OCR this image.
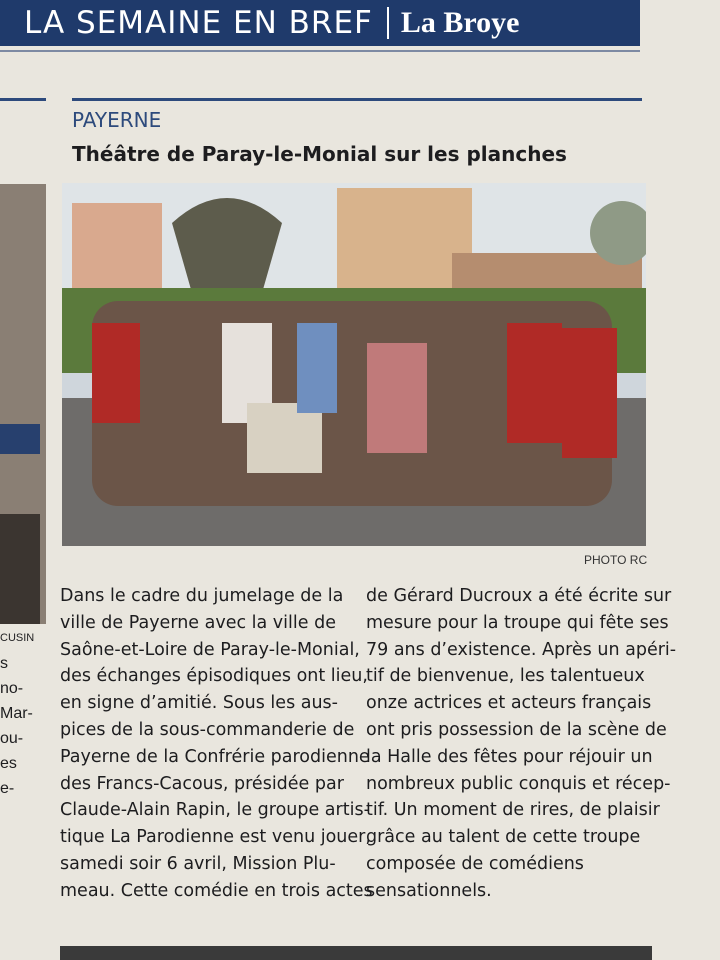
LA SEMAINE EN BREF La Broye
CUSIN
s
no-
Mar-
ou-
es
e-
PAYERNE
Théâtre de Paray-le-Monial sur les planches
PHOTO RC
Dans le cadre du jumelage de la
ville de Payerne avec la ville de
Saône-et-Loire de Paray-le-Monial,
des échanges épisodiques ont lieu,
en signe d’amitié. Sous les aus-
pices de la sous-commanderie de
Payerne de la Confrérie parodienne
des Francs-Cacous, présidée par
Claude-Alain Rapin, le groupe artis-
tique La Parodienne est venu jouer,
samedi soir 6 avril, Mission Plu-
meau. Cette comédie en trois actes
de Gérard Ducroux a été écrite sur
mesure pour la troupe qui fête ses
79 ans d’existence. Après un apéri-
tif de bienvenue, les talentueux
onze actrices et acteurs français
ont pris possession de la scène de
la Halle des fêtes pour réjouir un
nombreux public conquis et récep-
tif. Un moment de rires, de plaisir
grâce au talent de cette troupe
composée de comédiens
sensationnels.
